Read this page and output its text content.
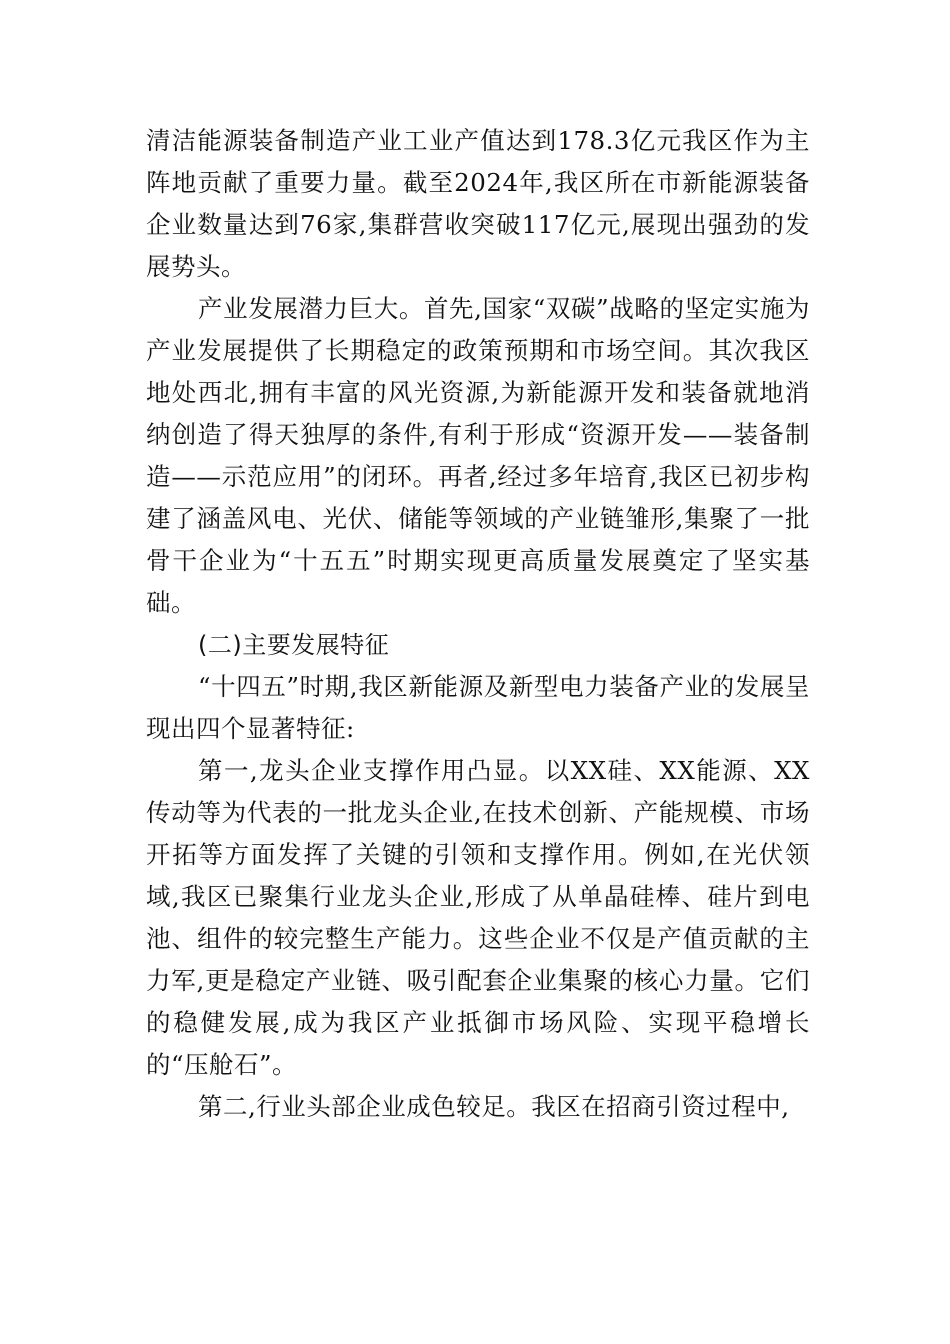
清洁能源装备制造产业工业产值达到178.3亿元我区作为主阵地贡献了重要力量。截至2024年,我区所在市新能源装备企业数量达到76家,集群营收突破117亿元,展现出强劲的发展势头。

产业发展潜力巨大。首先,国家“双碳”战略的坚定实施为产业发展提供了长期稳定的政策预期和市场空间。其次我区地处西北,拥有丰富的风光资源,为新能源开发和装备就地消纳创造了得天独厚的条件,有利于形成“资源开发——装备制造——示范应用”的闭环。再者,经过多年培育,我区已初步构建了涵盖风电、光伏、储能等领域的产业链雏形,集聚了一批骨干企业为“十五五”时期实现更高质量发展奠定了坚实基础。

(二)主要发展特征

“十四五”时期,我区新能源及新型电力装备产业的发展呈现出四个显著特征:

第一,龙头企业支撑作用凸显。以XX硅、XX能源、XX传动等为代表的一批龙头企业,在技术创新、产能规模、市场开拓等方面发挥了关键的引领和支撑作用。例如,在光伏领域,我区已聚集行业龙头企业,形成了从单晶硅棒、硅片到电池、组件的较完整生产能力。这些企业不仅是产值贡献的主力军,更是稳定产业链、吸引配套企业集聚的核心力量。它们的稳健发展,成为我区产业抵御市场风险、实现平稳增长的“压舱石”。

第二,行业头部企业成色较足。我区在招商引资过程中,
